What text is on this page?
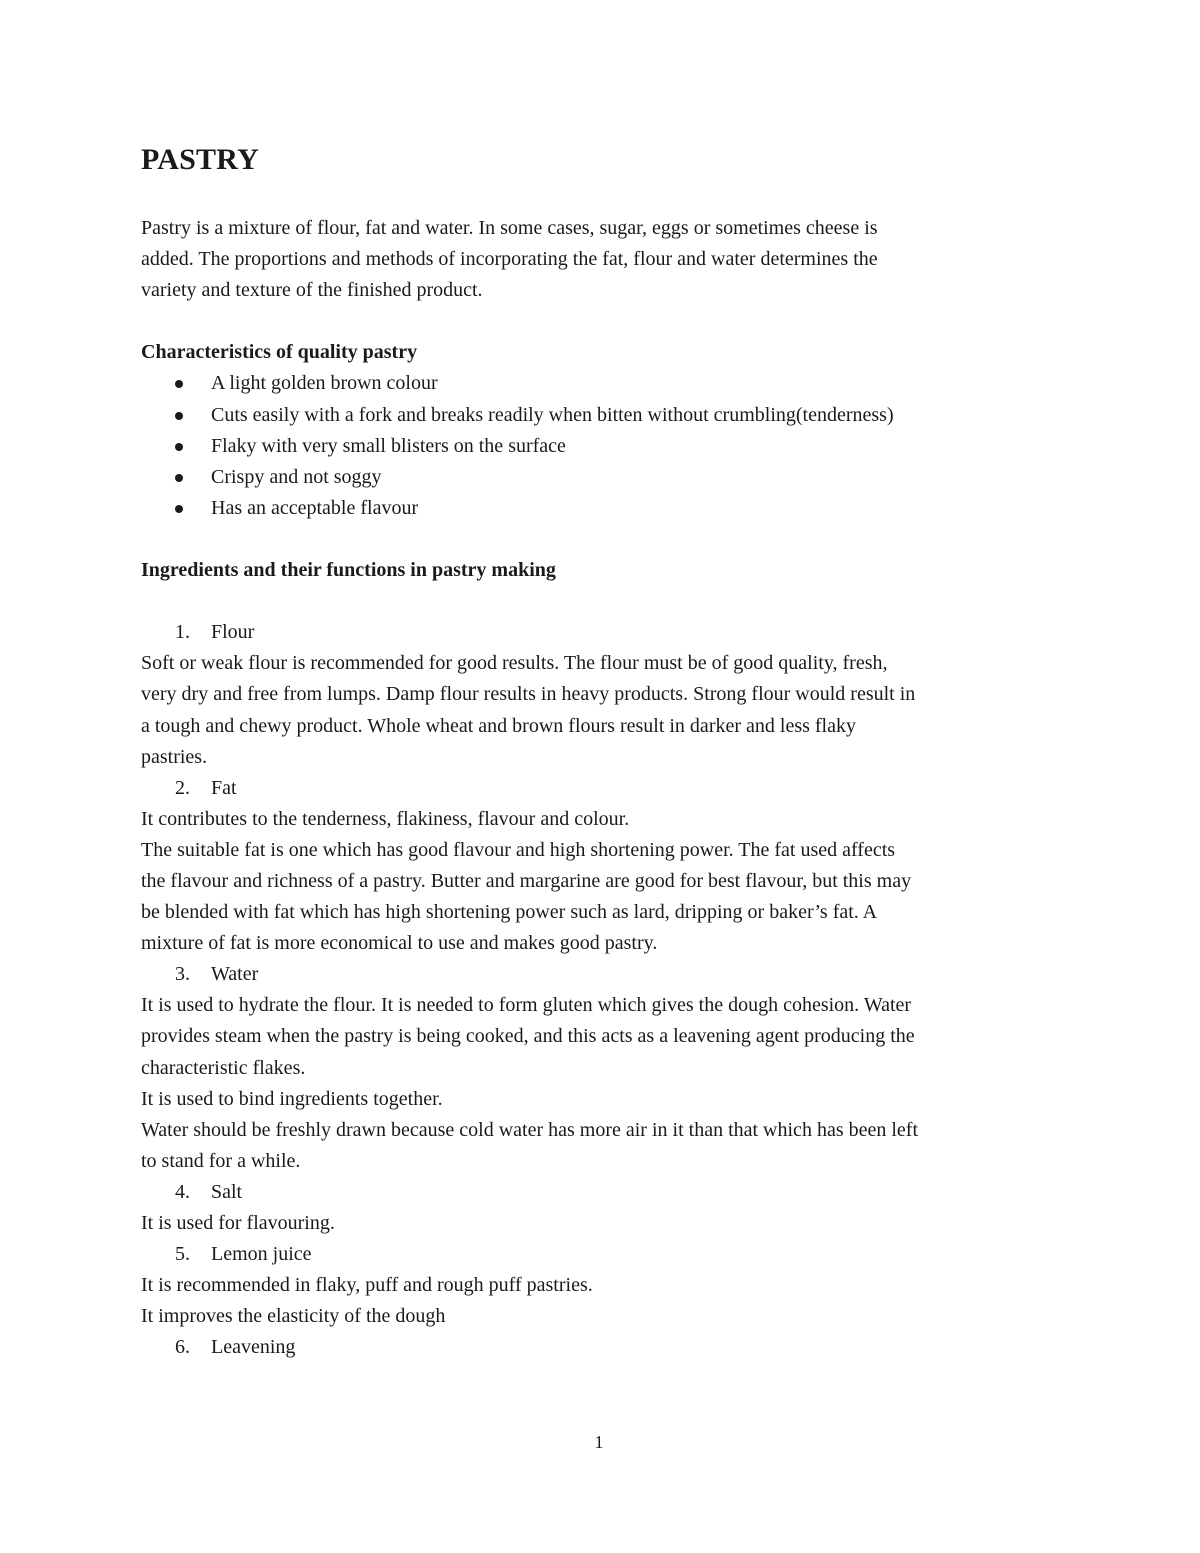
PASTRY

Pastry is a mixture of flour, fat and water. In some cases, sugar, eggs or sometimes cheese is

added. The proportions and methods of incorporating the fat, flour and water determines the

variety and texture of the finished product.

Characteristics of quality pastry

A light golden brown colour

Cuts easily with a fork and breaks readily when bitten without crumbling(tenderness)

Flaky with very small blisters on the surface

Crispy and not soggy

Has an acceptable flavour

Ingredients and their functions in pastry making

1. Flour

Soft or weak flour is recommended for good results. The flour must be of good quality, fresh,

very dry and free from lumps. Damp flour results in heavy products. Strong flour would result in

a tough and chewy product. Whole wheat and brown flours result in darker and less flaky

pastries.

2. Fat

It contributes to the tenderness, flakiness, flavour and colour.

The suitable fat is one which has good flavour and high shortening power. The fat used affects

the flavour and richness of a pastry. Butter and margarine are good for best flavour, but this may

be blended with fat which has high shortening power such as lard, dripping or baker’s fat. A

mixture of fat is more economical to use and makes good pastry.

3. Water

It is used to hydrate the flour. It is needed to form gluten which gives the dough cohesion. Water

provides steam when the pastry is being cooked, and this acts as a leavening agent producing the

characteristic flakes.

It is used to bind ingredients together.

Water should be freshly drawn because cold water has more air in it than that which has been left

to stand for a while.

4. Salt

It is used for flavouring.

5. Lemon juice

It is recommended in flaky, puff and rough puff pastries.

It improves the elasticity of the dough

6. Leavening

1
